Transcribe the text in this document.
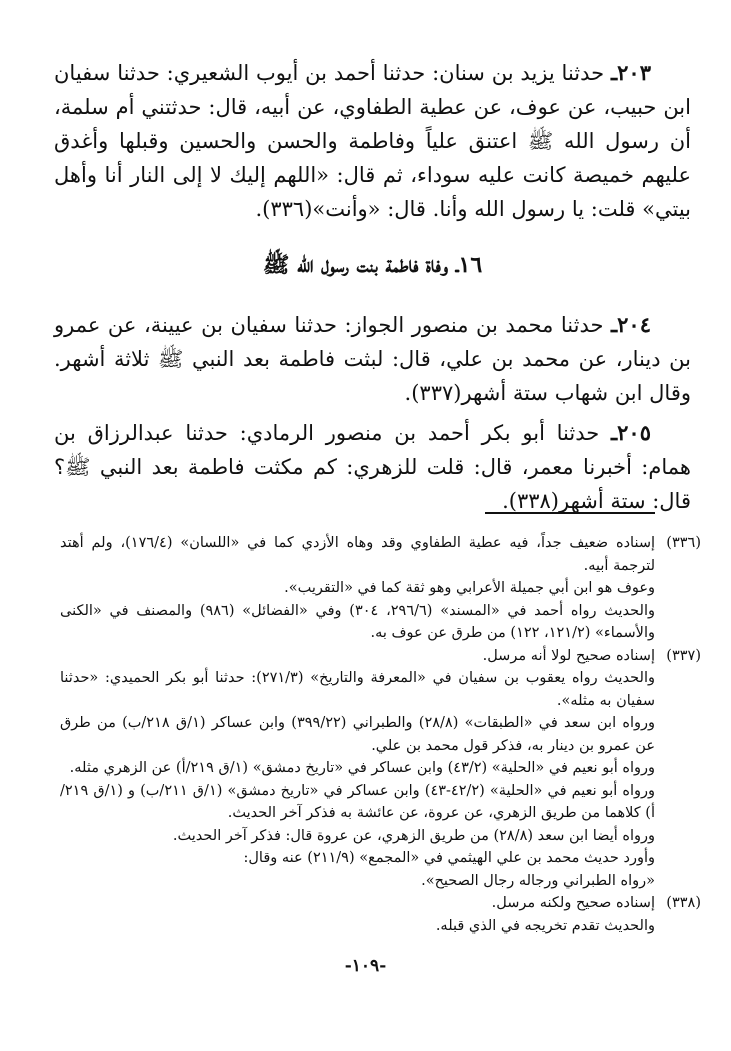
٢٠٣ـ حدثنا يزيد بن سنان: حدثنا أحمد بن أيوب الشعيري: حدثنا سفيان ابن حبيب، عن عوف، عن عطية الطفاوي، عن أبيه، قال: حدثتني أم سلمة، أن رسول الله ﷺ اعتنق علياً وفاطمة والحسن والحسين وقبلها وأغدق عليهم خميصة كانت عليه سوداء، ثم قال: «اللهم إليك لا إلى النار أنا وأهل بيتي» قلت: يا رسول الله وأنا. قال: «وأنت»(٣٣٦).

١٦ـ وفاة فاطمة بنت رسول الله ﷺ

٢٠٤ـ حدثنا محمد بن منصور الجواز: حدثنا سفيان بن عيينة، عن عمرو بن دينار، عن محمد بن علي، قال: لبثت فاطمة بعد النبي ﷺ ثلاثة أشهر. وقال ابن شهاب ستة أشهر(٣٣٧).

٢٠٥ـ حدثنا أبو بكر أحمد بن منصور الرمادي: حدثنا عبدالرزاق بن همام: أخبرنا معمر، قال: قلت للزهري: كم مكثت فاطمة بعد النبي ﷺ؟ قال: ستة أشهر(٣٣٨).

(٣٣٦)

إسناده ضعيف جداً، فيه عطية الطفاوي وقد وهاه الأزدي كما في «اللسان» (١٧٦/٤)، ولم أهتد لترجمة أبيه.

وعوف هو ابن أبي جميلة الأعرابي وهو ثقة كما في «التقريب».

والحديث رواه أحمد في «المسند» (٢٩٦/٦، ٣٠٤) وفي «الفضائل» (٩٨٦) والمصنف في «الكنى والأسماء» (١٢١/٢، ١٢٢) من طرق عن عوف به.

(٣٣٧)

إسناده صحيح لولا أنه مرسل.

والحديث رواه يعقوب بن سفيان في «المعرفة والتاريخ» (٢٧١/٣): حدثنا أبو بكر الحميدي: «حدثنا سفيان به مثله».

ورواه ابن سعد في «الطبقات» (٢٨/٨) والطبراني (٣٩٩/٢٢) وابن عساكر (١/ق ٢١٨/ب) من طرق عن عمرو بن دينار به، فذكر قول محمد بن علي.

ورواه أبو نعيم في «الحلية» (٤٣/٢) وابن عساكر في «تاريخ دمشق» (١/ق ٢١٩/أ) عن الزهري مثله.

ورواه أبو نعيم في «الحلية» (٤٢/٢-٤٣) وابن عساكر في «تاريخ دمشق» (١/ق ٢١١/ب) و (١/ق ٢١٩/أ) كلاهما من طريق الزهري، عن عروة، عن عائشة به فذكر آخر الحديث.

ورواه أيضا ابن سعد (٢٨/٨) من طريق الزهري، عن عروة قال: فذكر آخر الحديث.

وأورد حديث محمد بن علي الهيثمي في «المجمع» (٢١١/٩) عنه وقال:

«رواه الطبراني ورجاله رجال الصحيح».

(٣٣٨)

إسناده صحيح ولكنه مرسل.

والحديث تقدم تخريجه في الذي قبله.

-١٠٩-
